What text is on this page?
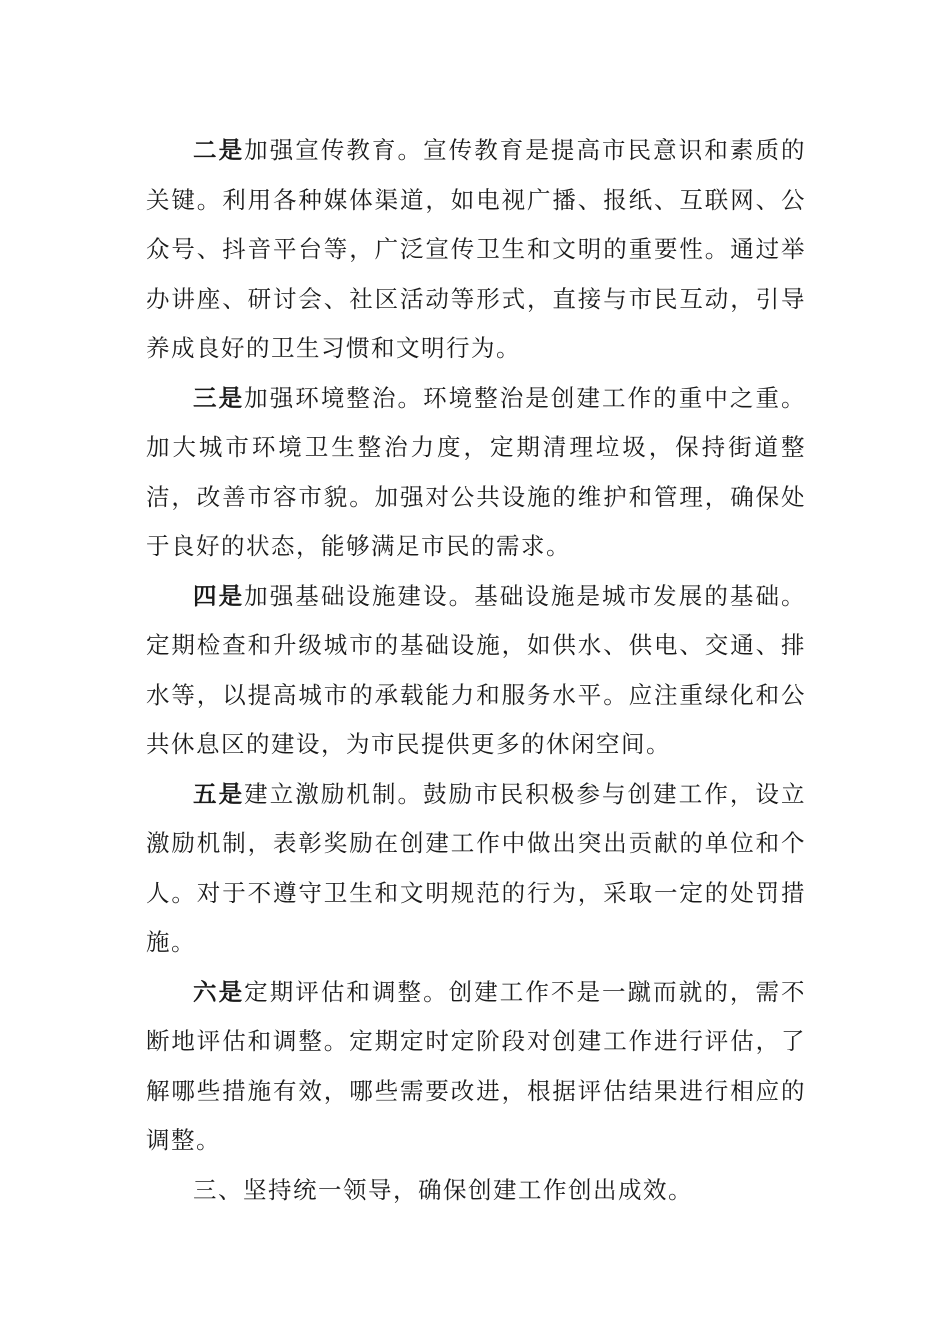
二是加强宣传教育。宣传教育是提高市民意识和素质的关键。利用各种媒体渠道，如电视广播、报纸、互联网、公众号、抖音平台等，广泛宣传卫生和文明的重要性。通过举办讲座、研讨会、社区活动等形式，直接与市民互动，引导养成良好的卫生习惯和文明行为。

三是加强环境整治。环境整治是创建工作的重中之重。加大城市环境卫生整治力度，定期清理垃圾，保持街道整洁，改善市容市貌。加强对公共设施的维护和管理，确保处于良好的状态，能够满足市民的需求。

四是加强基础设施建设。基础设施是城市发展的基础。定期检查和升级城市的基础设施，如供水、供电、交通、排水等，以提高城市的承载能力和服务水平。应注重绿化和公共休息区的建设，为市民提供更多的休闲空间。

五是建立激励机制。鼓励市民积极参与创建工作，设立激励机制，表彰奖励在创建工作中做出突出贡献的单位和个人。对于不遵守卫生和文明规范的行为，采取一定的处罚措施。

六是定期评估和调整。创建工作不是一蹴而就的，需不断地评估和调整。定期定时定阶段对创建工作进行评估，了解哪些措施有效，哪些需要改进，根据评估结果进行相应的调整。

三、坚持统一领导，确保创建工作创出成效。
